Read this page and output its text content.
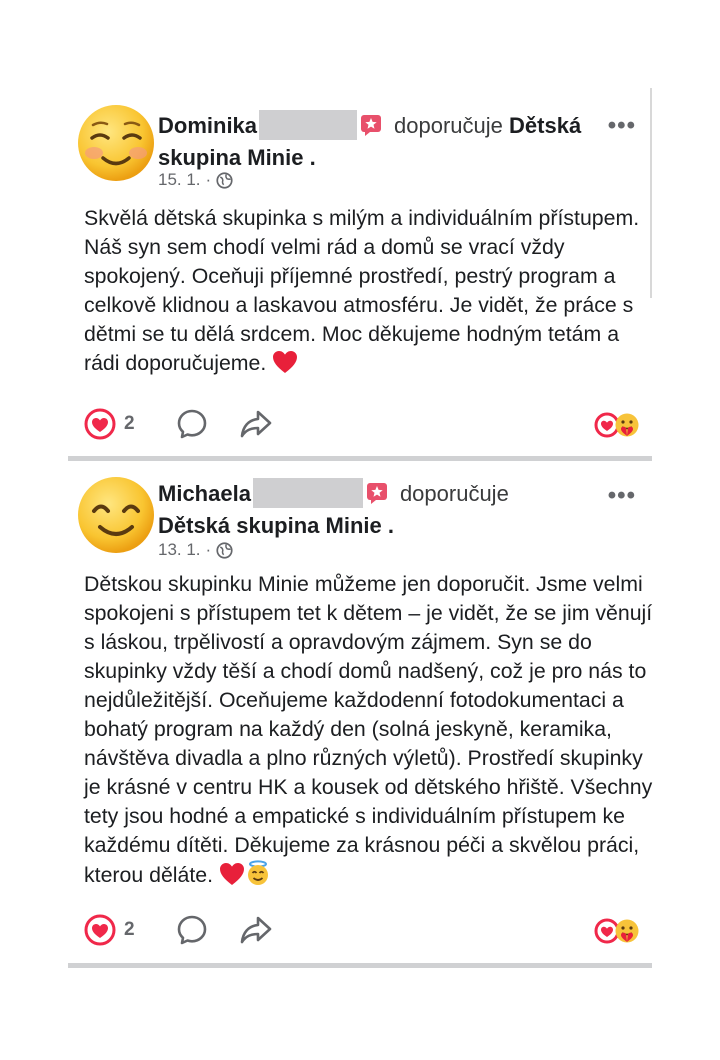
Dominika	doporučuje Dětská skupina Minie .
•••
15. 1. ·
Skvělá dětská skupinka s milým a individuálním přístupem. Náš syn sem chodí velmi rád a domů se vrací vždy spokojený. Oceňuji příjemné prostředí, pestrý program a celkově klidnou a laskavou atmosféru. Je vidět, že práce s dětmi se tu dělá srdcem. Moc děkujeme hodným tetám a rádi doporučujeme.
2
Michaela	doporučuje
Dětská skupina Minie .
•••
13. 1. ·
Dětskou skupinku Minie můžeme jen doporučit. Jsme velmi spokojeni s přístupem tet k dětem – je vidět, že se jim věnují s láskou, trpělivostí a opravdovým zájmem. Syn se do skupinky vždy těší a chodí domů nadšený, což je pro nás to nejdůležitější. Oceňujeme každodenní fotodokumentaci a bohatý program na každý den (solná jeskyně, keramika, návštěva divadla a plno různých výletů). Prostředí skupinky je krásné v centru HK a kousek od dětského hřiště. Všechny tety jsou hodné a empatické s individuálním přístupem ke každému dítěti. Děkujeme za krásnou péči a skvělou práci, kterou děláte.
2
